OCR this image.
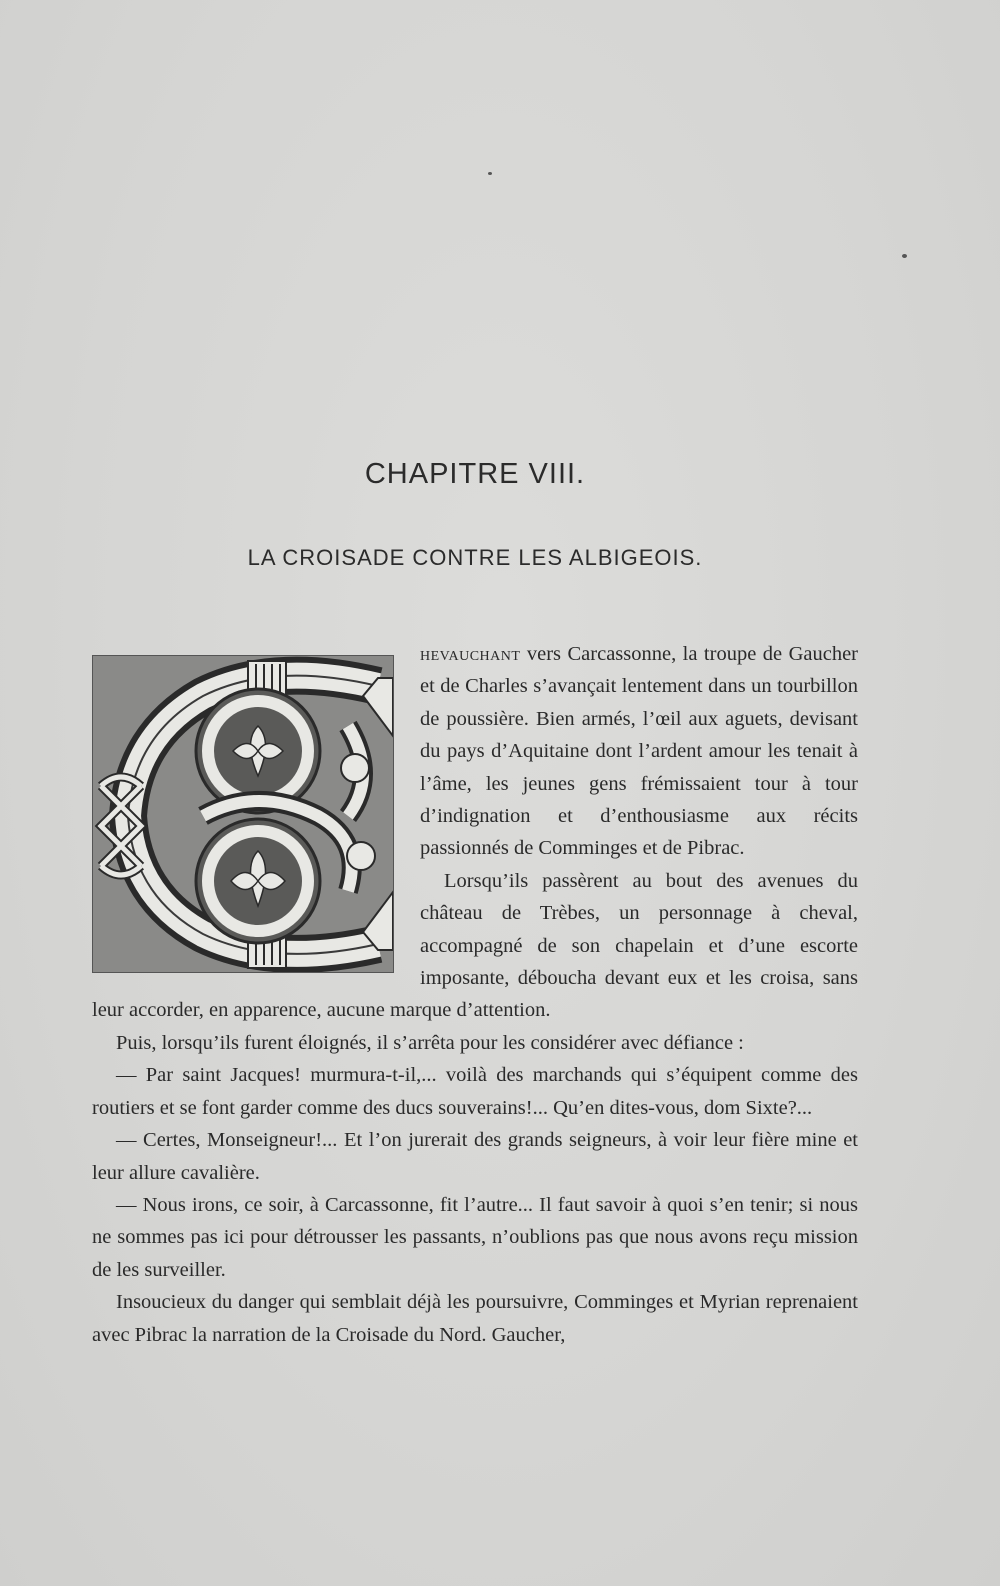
CHAPITRE VIII.
LA CROISADE CONTRE LES ALBIGEOIS.

hevauchant vers Carcassonne, la troupe de Gaucher et de Charles s’avançait lentement dans un tourbillon de poussière. Bien armés, l’œil aux aguets, devisant du pays d’Aquitaine dont l’ardent amour les tenait à l’âme, les jeunes gens frémissaient tour à tour d’indignation et d’enthousiasme aux récits passionnés de Comminges et de Pibrac.

Lorsqu’ils passèrent au bout des avenues du château de Trèbes, un personnage à cheval, accompagné de son chapelain et d’une escorte imposante, déboucha devant eux et les croisa, sans leur accorder, en apparence, aucune marque d’attention.

Puis, lorsqu’ils furent éloignés, il s’arrêta pour les considérer avec défiance :

— Par saint Jacques! murmura-t-il,... voilà des marchands qui s’équipent comme des routiers et se font garder comme des ducs souverains!... Qu’en dites-vous, dom Sixte?...

— Certes, Monseigneur!... Et l’on jurerait des grands seigneurs, à voir leur fière mine et leur allure cavalière.

— Nous irons, ce soir, à Carcassonne, fit l’autre... Il faut savoir à quoi s’en tenir; si nous ne sommes pas ici pour détrousser les passants, n’oublions pas que nous avons reçu mission de les surveiller.

Insoucieux du danger qui semblait déjà les poursuivre, Comminges et Myrian reprenaient avec Pibrac la narration de la Croisade du Nord. Gaucher,
